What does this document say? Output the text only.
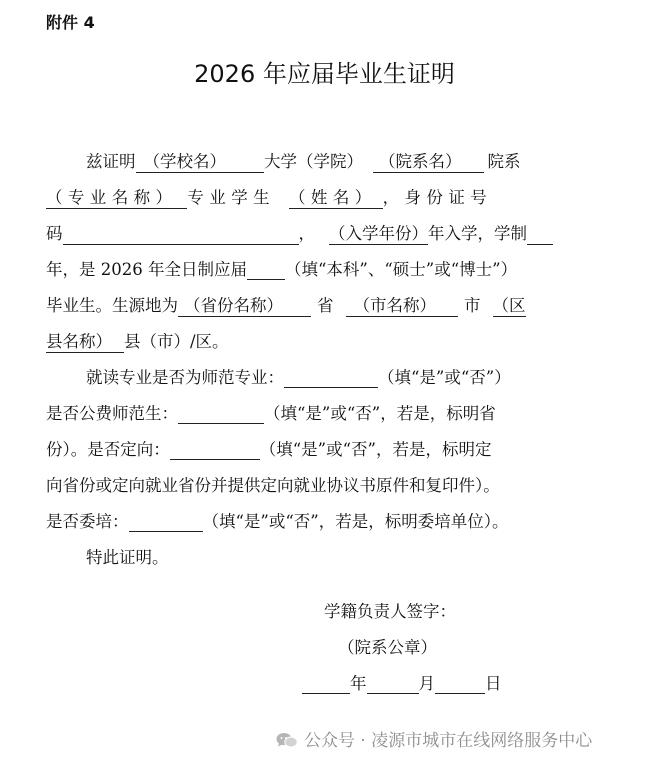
附件 4
2026 年应届毕业生证明
兹证明 （学校名） 大学（学院） （院系名） 院系
（专业名称） 专业学生 （姓名） ，身份证号
码	， （入学年份）年入学，学制
年，是 2026 年全日制应届 （填“本科”、“硕士”或“博士”）
毕业生。生源地为 （省份名称） 省 （市名称） 市 （区
县名称） 县（市）/区。
就读专业是否为师范专业：	（填“是”或“否”）
是否公费师范生：	（填“是”或“否”，若是，标明省
份）。是否定向：	（填“是”或“否”，若是，标明定
向省份或定向就业省份并提供定向就业协议书原件和复印件）。
是否委培：	（填“是”或“否”，若是，标明委培单位）。
特此证明。
学籍负责人签字：
（院系公章）
年	月	日
公众号 · 凌源市城市在线网络服务中心
